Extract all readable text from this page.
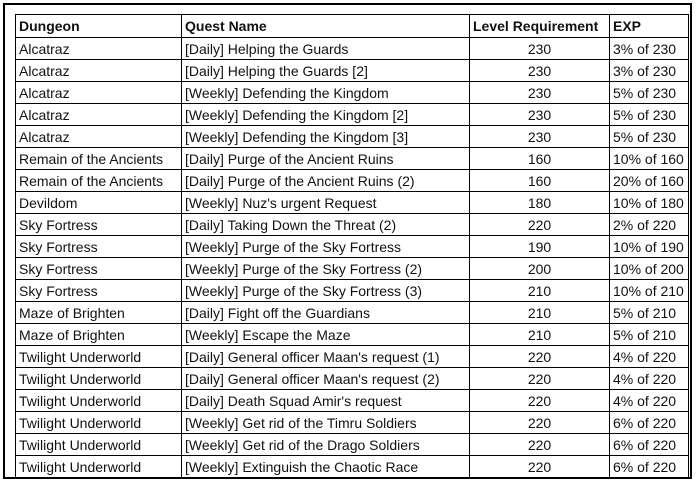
Dungeon	Quest Name	Level Requirement	EXP
Alcatraz	[Daily] Helping the Guards	230	3% of 230
Alcatraz	[Daily] Helping the Guards [2]	230	3% of 230
Alcatraz	[Weekly] Defending the Kingdom	230	5% of 230
Alcatraz	[Weekly] Defending the Kingdom [2]	230	5% of 230
Alcatraz	[Weekly] Defending the Kingdom [3]	230	5% of 230
Remain of the Ancients	[Daily] Purge of the Ancient Ruins	160	10% of 160
Remain of the Ancients	[Daily] Purge of the Ancient Ruins (2)	160	20% of 160
Devildom	[Weekly] Nuz's urgent Request	180	10% of 180
Sky Fortress	[Daily] Taking Down the Threat (2)	220	2% of 220
Sky Fortress	[Weekly] Purge of the Sky Fortress	190	10% of 190
Sky Fortress	[Weekly] Purge of the Sky Fortress (2)	200	10% of 200
Sky Fortress	[Weekly] Purge of the Sky Fortress (3)	210	10% of 210
Maze of Brighten	[Daily] Fight off the Guardians	210	5% of 210
Maze of Brighten	[Weekly] Escape the Maze	210	5% of 210
Twilight Underworld	[Daily] General officer Maan's request (1)	220	4% of 220
Twilight Underworld	[Daily] General officer Maan's request (2)	220	4% of 220
Twilight Underworld	[Daily] Death Squad Amir's request	220	4% of 220
Twilight Underworld	[Weekly] Get rid of the Timru Soldiers	220	6% of 220
Twilight Underworld	[Weekly] Get rid of the Drago Soldiers	220	6% of 220
Twilight Underworld	[Weekly] Extinguish the Chaotic Race	220	6% of 220
